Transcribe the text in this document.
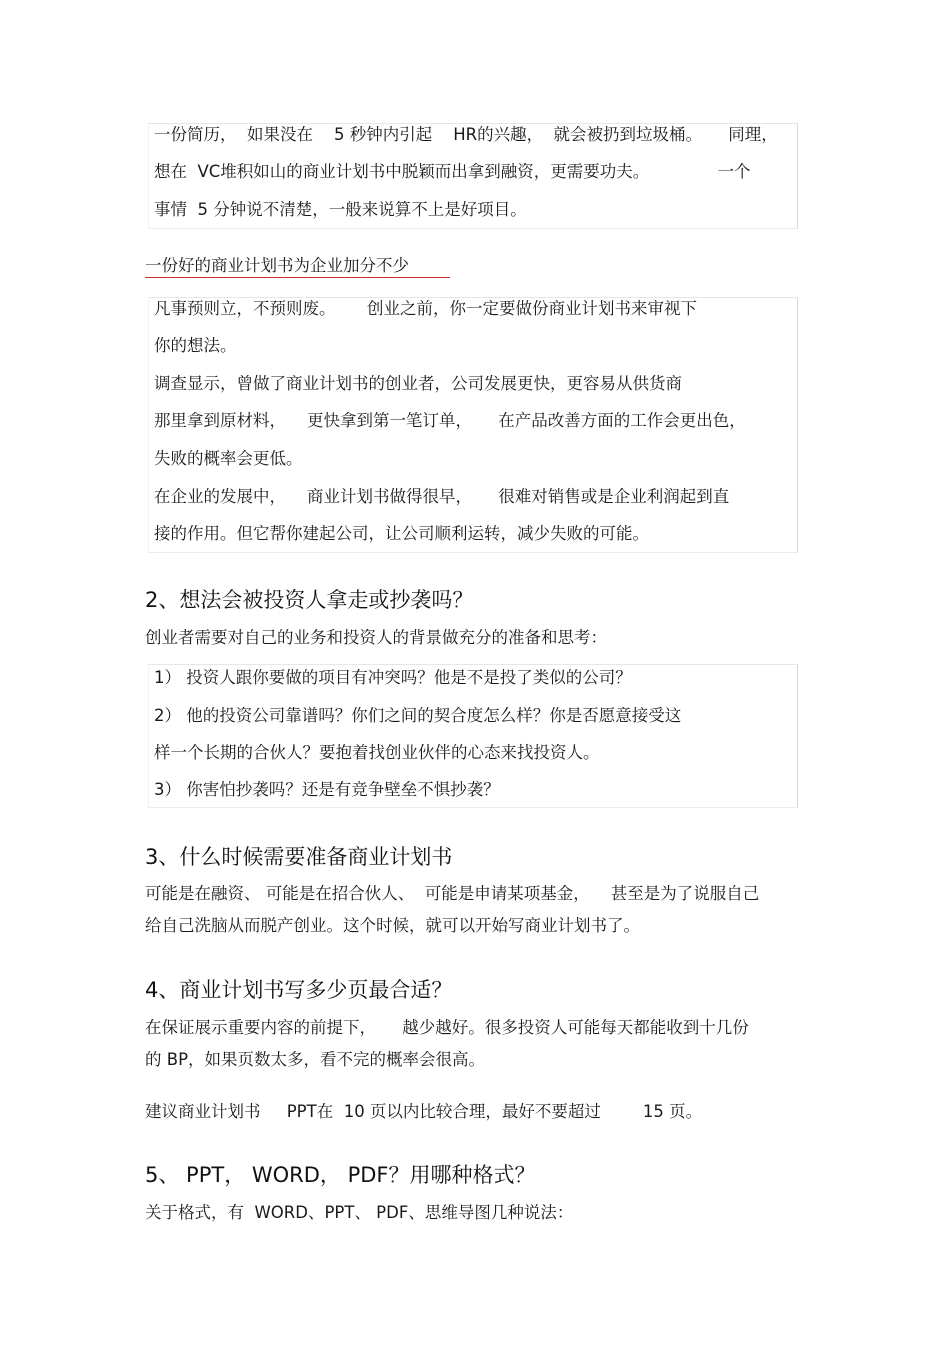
一份简历，  如果没在    5 秒钟内引起    HR的兴趣，  就会被扔到垃圾桶。     同理，
想在  VC堆积如山的商业计划书中脱颖而出拿到融资，更需要功夫。             一个
事情  5 分钟说不清楚，一般来说算不上是好项目。
一份好的商业计划书为企业加分不少
凡事预则立，不预则废。      创业之前，你一定要做份商业计划书来审视下
你的想法。
调查显示，曾做了商业计划书的创业者，公司发展更快，更容易从供货商
那里拿到原材料，    更快拿到第一笔订单，     在产品改善方面的工作会更出色，
失败的概率会更低。
在企业的发展中，    商业计划书做得很早，     很难对销售或是企业利润起到直
接的作用。但它帮你建起公司，让公司顺利运转，减少失败的可能。
2、想法会被投资人拿走或抄袭吗？
创业者需要对自己的业务和投资人的背景做充分的准备和思考：
1） 投资人跟你要做的项目有冲突吗？他是不是投了类似的公司？
2） 他的投资公司靠谱吗？你们之间的契合度怎么样？你是否愿意接受这
样一个长期的合伙人？要抱着找创业伙伴的心态来找投资人。
3） 你害怕抄袭吗？还是有竞争壁垒不惧抄袭？
3、什么时候需要准备商业计划书
可能是在融资、 可能是在招合伙人、  可能是申请某项基金，    甚至是为了说服自己
给自己洗脑从而脱产创业。这个时候，就可以开始写商业计划书了。
4、商业计划书写多少页最合适？
在保证展示重要内容的前提下，     越少越好。很多投资人可能每天都能收到十几份
的 BP，如果页数太多，看不完的概率会很高。
建议商业计划书     PPT在  10 页以内比较合理，最好不要超过        15 页。
5、 PPT， WORD， PDF？用哪种格式？
关于格式，有  WORD、PPT、 PDF、思维导图几种说法：
